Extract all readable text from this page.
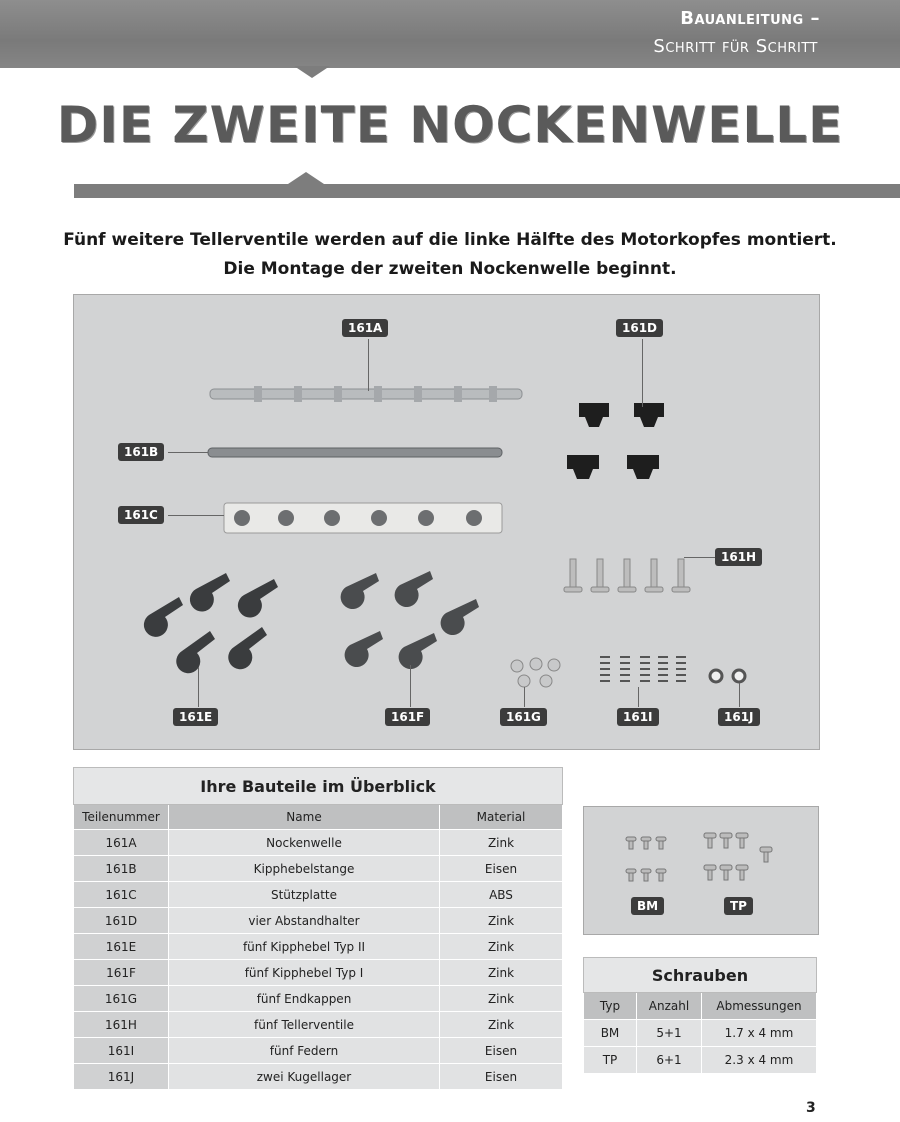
Bauanleitung –
Schritt für Schritt
DIE ZWEITE NOCKENWELLE
Fünf weitere Tellerventile werden auf die linke Hälfte des Motorkopfes montiert.
Die Montage der zweiten Nockenwelle beginnt.
161A	161D
161B
161C
161H
161E	161F	161G	161I	161J
Ihre Bauteile im Überblick		
Teilenummer	Name	Material
161A	Nockenwelle	Zink
161B	Kipphebelstange	Eisen
161C	Stützplatte	ABS
161D	vier Abstandhalter	Zink
161E	fünf Kipphebel Typ II	Zink
161F	fünf Kipphebel Typ I	Zink
161G	fünf Endkappen	Zink
161H	fünf Tellerventile	Zink
161I	fünf Federn	Eisen
161J	zwei Kugellager	Eisen
BM	TP
Schrauben		
Typ	Anzahl	Abmessungen
BM	5+1	1.7 x 4 mm
TP	6+1	2.3 x 4 mm
3
